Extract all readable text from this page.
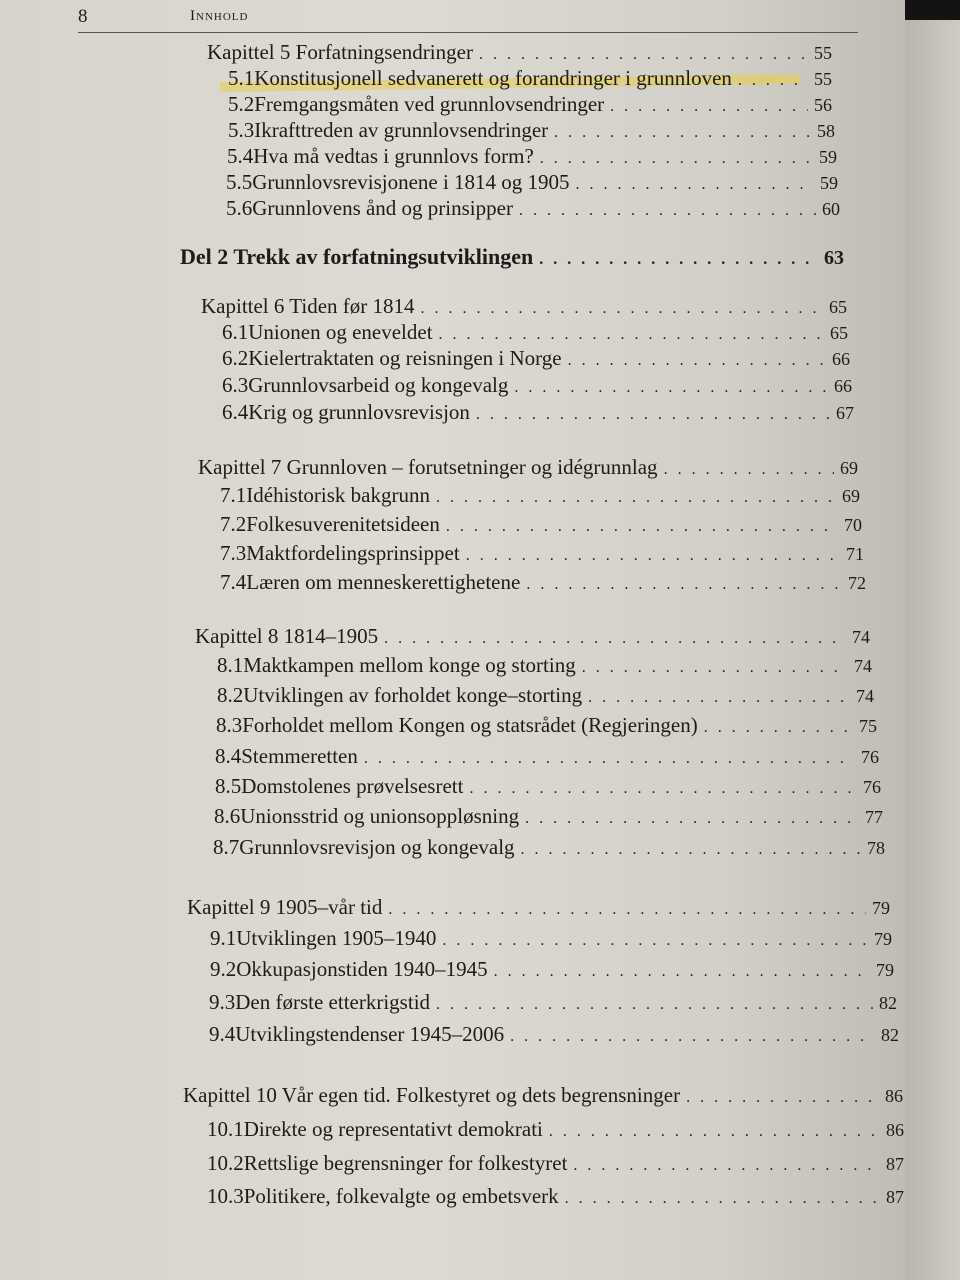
8	Innhold
Kapittel 5 Forfatningsendringer . . .	55
5.1 Konstitusjonell sedvanerett og forandringer i grunnloven . . .	55
5.2 Fremgangsmåten ved grunnlovsendringer . . .	56
5.3 Ikrafttreden av grunnlovsendringer . . .	58
5.4 Hva må vedtas i grunnlovs form? . . .	59
5.5 Grunnlovsrevisjonene i 1814 og 1905 . . .	59
5.6 Grunnlovens ånd og prinsipper . . .	60
Del 2 Trekk av forfatningsutviklingen . . .	63
Kapittel 6 Tiden før 1814 . . .	65
6.1 Unionen og eneveldet . . .	65
6.2 Kielertraktaten og reisningen i Norge . . .	66
6.3 Grunnlovsarbeid og kongevalg . . .	66
6.4 Krig og grunnlovsrevisjon . . .	67
Kapittel 7 Grunnloven – forutsetninger og idégrunnlag . . .	69
7.1 Idéhistorisk bakgrunn . . .	69
7.2 Folkesuverenitetsideen . . .	70
7.3 Maktfordelingsprinsippet . . .	71
7.4 Læren om menneskerettighetene . . .	72
Kapittel 8 1814–1905 . . .	74
8.1 Maktkampen mellom konge og storting . . .	74
8.2 Utviklingen av forholdet konge–storting . . .	74
8.3 Forholdet mellom Kongen og statsrådet (Regjeringen) . . .	75
8.4 Stemmeretten . . .	76
8.5 Domstolenes prøvelsesrett . . .	76
8.6 Unionsstrid og unionsoppløsning . . .	77
8.7 Grunnlovsrevisjon og kongevalg . . .	78
Kapittel 9 1905–vår tid . . .	79
9.1 Utviklingen 1905–1940 . . .	79
9.2 Okkupasjonstiden 1940–1945 . . .	79
9.3 Den første etterkrigstid . . .	82
9.4 Utviklingstendenser 1945–2006 . . .	82
Kapittel 10 Vår egen tid. Folkestyret og dets begrensninger . . .	86
10.1 Direkte og representativt demokrati . . .	86
10.2 Rettslige begrensninger for folkestyret . . .	87
10.3 Politikere, folkevalgte og embetsverk . . .	87
